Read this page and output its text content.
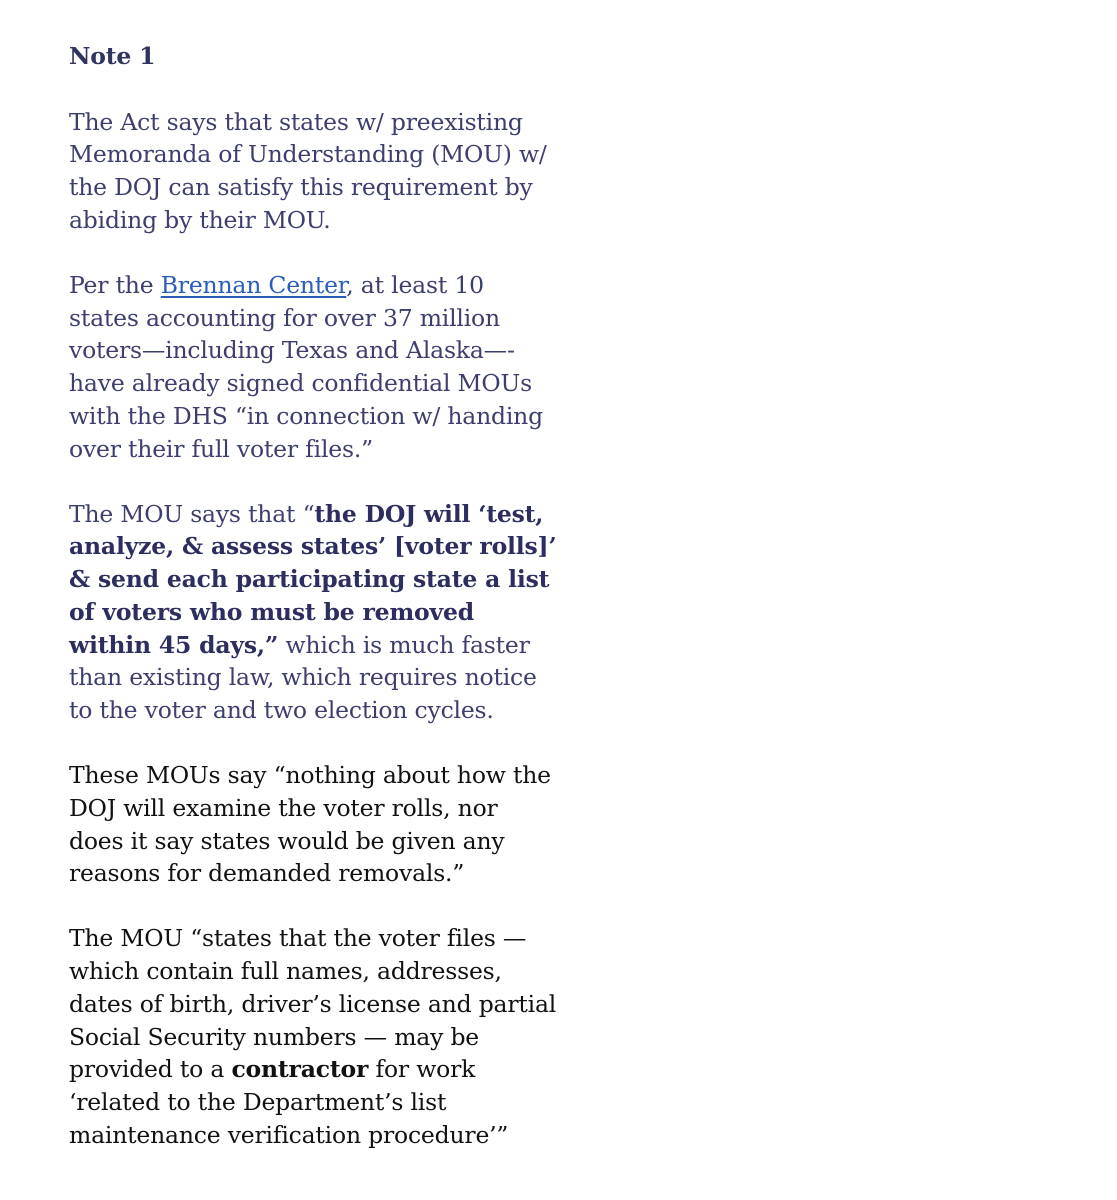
Note 1

The Act says that states w/ preexisting Memoranda of Understanding (MOU) w/ the DOJ can satisfy this requirement by abiding by their MOU.

Per the Brennan Center, at least 10 states accounting for over 37 million voters—including Texas and Alaska—- have already signed confidential MOUs with the DHS “in connection w/ handing over their full voter files.”

The MOU says that “the DOJ will ‘test, analyze, & assess states’ [voter rolls]’ & send each participating state a list of voters who must be removed within 45 days,” which is much faster than existing law, which requires notice to the voter and two election cycles.

These MOUs say “nothing about how the DOJ will examine the voter rolls, nor does it say states would be given any reasons for demanded removals.”

The MOU “states that the voter files — which contain full names, addresses, dates of birth, driver’s license and partial Social Security numbers — may be provided to a contractor for work ‘related to the Department’s list maintenance verification procedure’”
